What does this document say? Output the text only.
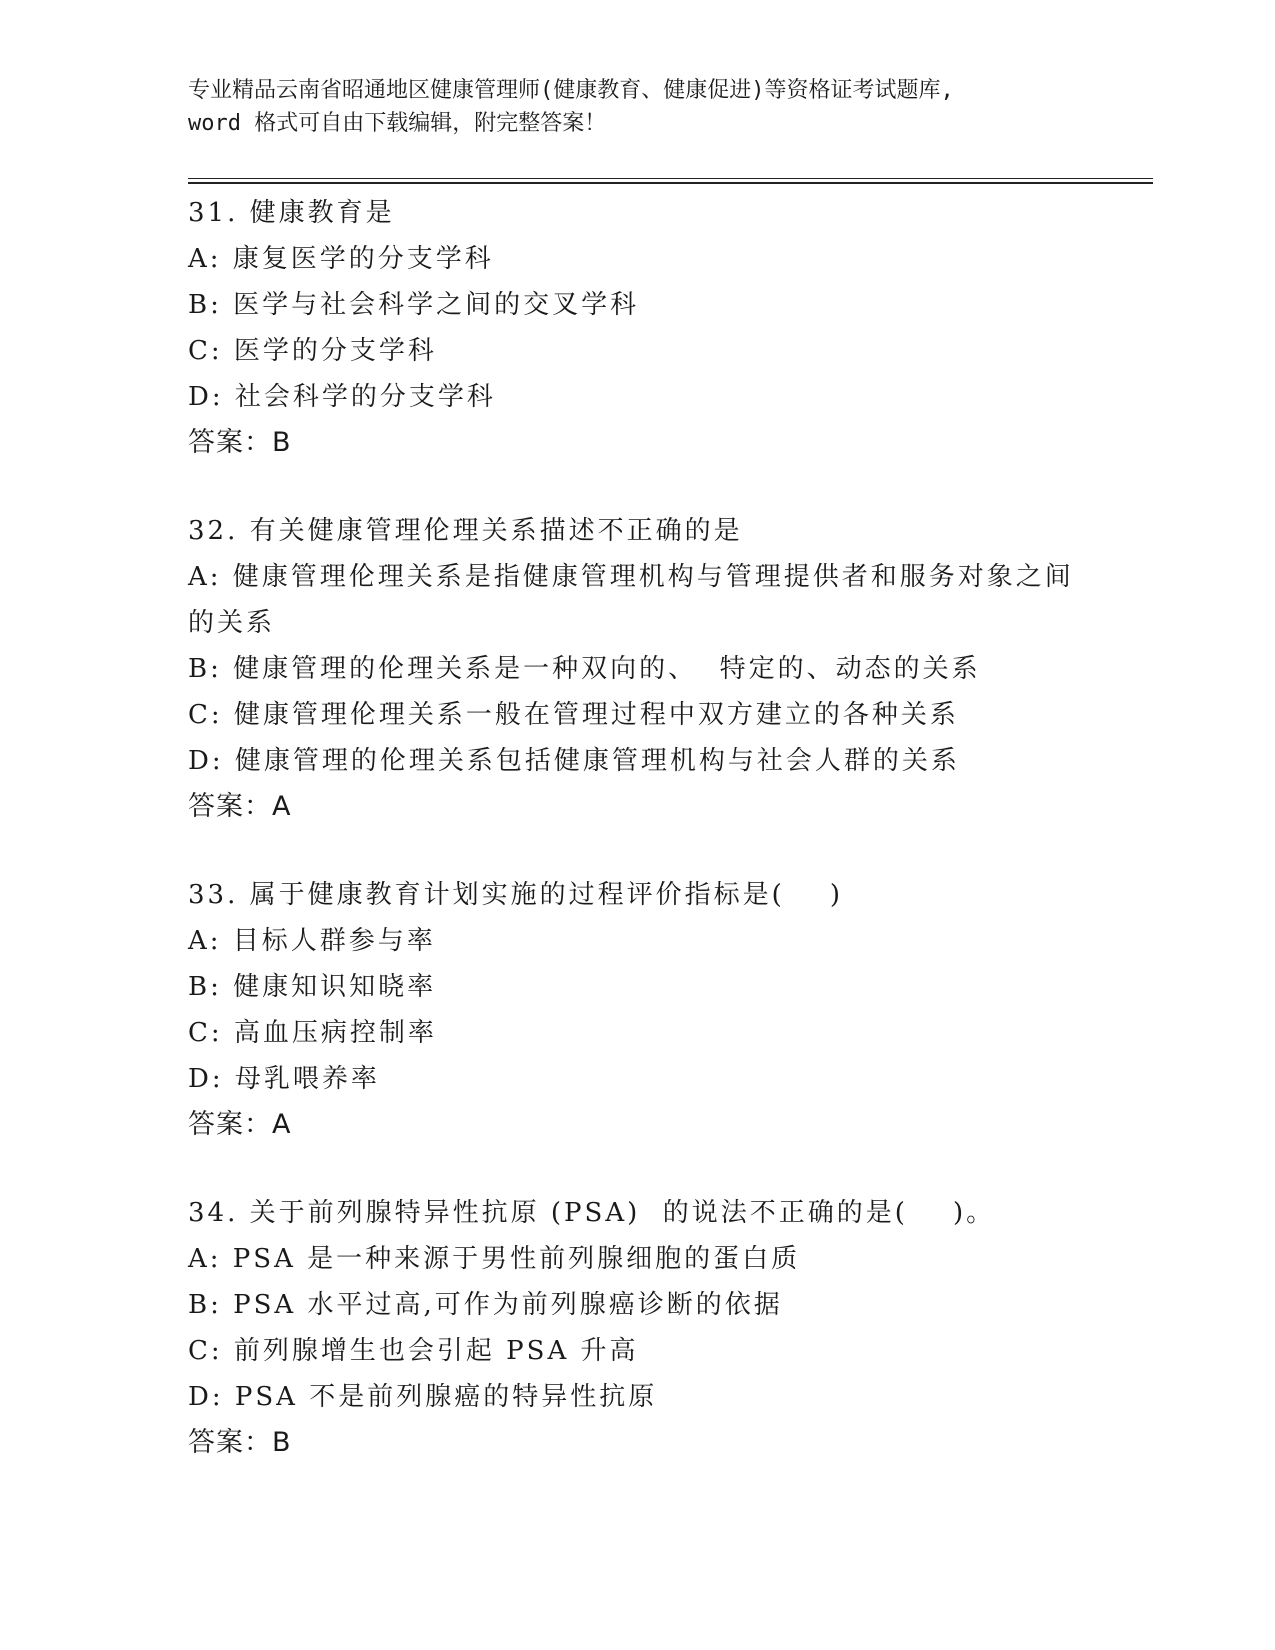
专业精品云南省昭通地区健康管理师(健康教育、健康促进)等资格证考试题库,
word 格式可自由下载编辑，附完整答案！
31. 健康教育是
A: 康复医学的分支学科
B: 医学与社会科学之间的交叉学科
C: 医学的分支学科
D: 社会科学的分支学科
答案：B
32. 有关健康管理伦理关系描述不正确的是
A: 健康管理伦理关系是指健康管理机构与管理提供者和服务对象之间
的关系
B: 健康管理的伦理关系是一种双向的、  特定的、动态的关系
C: 健康管理伦理关系一般在管理过程中双方建立的各种关系
D: 健康管理的伦理关系包括健康管理机构与社会人群的关系
答案：A
33. 属于健康教育计划实施的过程评价指标是(    )
A: 目标人群参与率
B: 健康知识知晓率
C: 高血压病控制率
D: 母乳喂养率
答案：A
34. 关于前列腺特异性抗原 (PSA)  的说法不正确的是(    )。
A: PSA 是一种来源于男性前列腺细胞的蛋白质
B: PSA 水平过高,可作为前列腺癌诊断的依据
C: 前列腺增生也会引起 PSA 升高
D: PSA 不是前列腺癌的特异性抗原
答案：B
